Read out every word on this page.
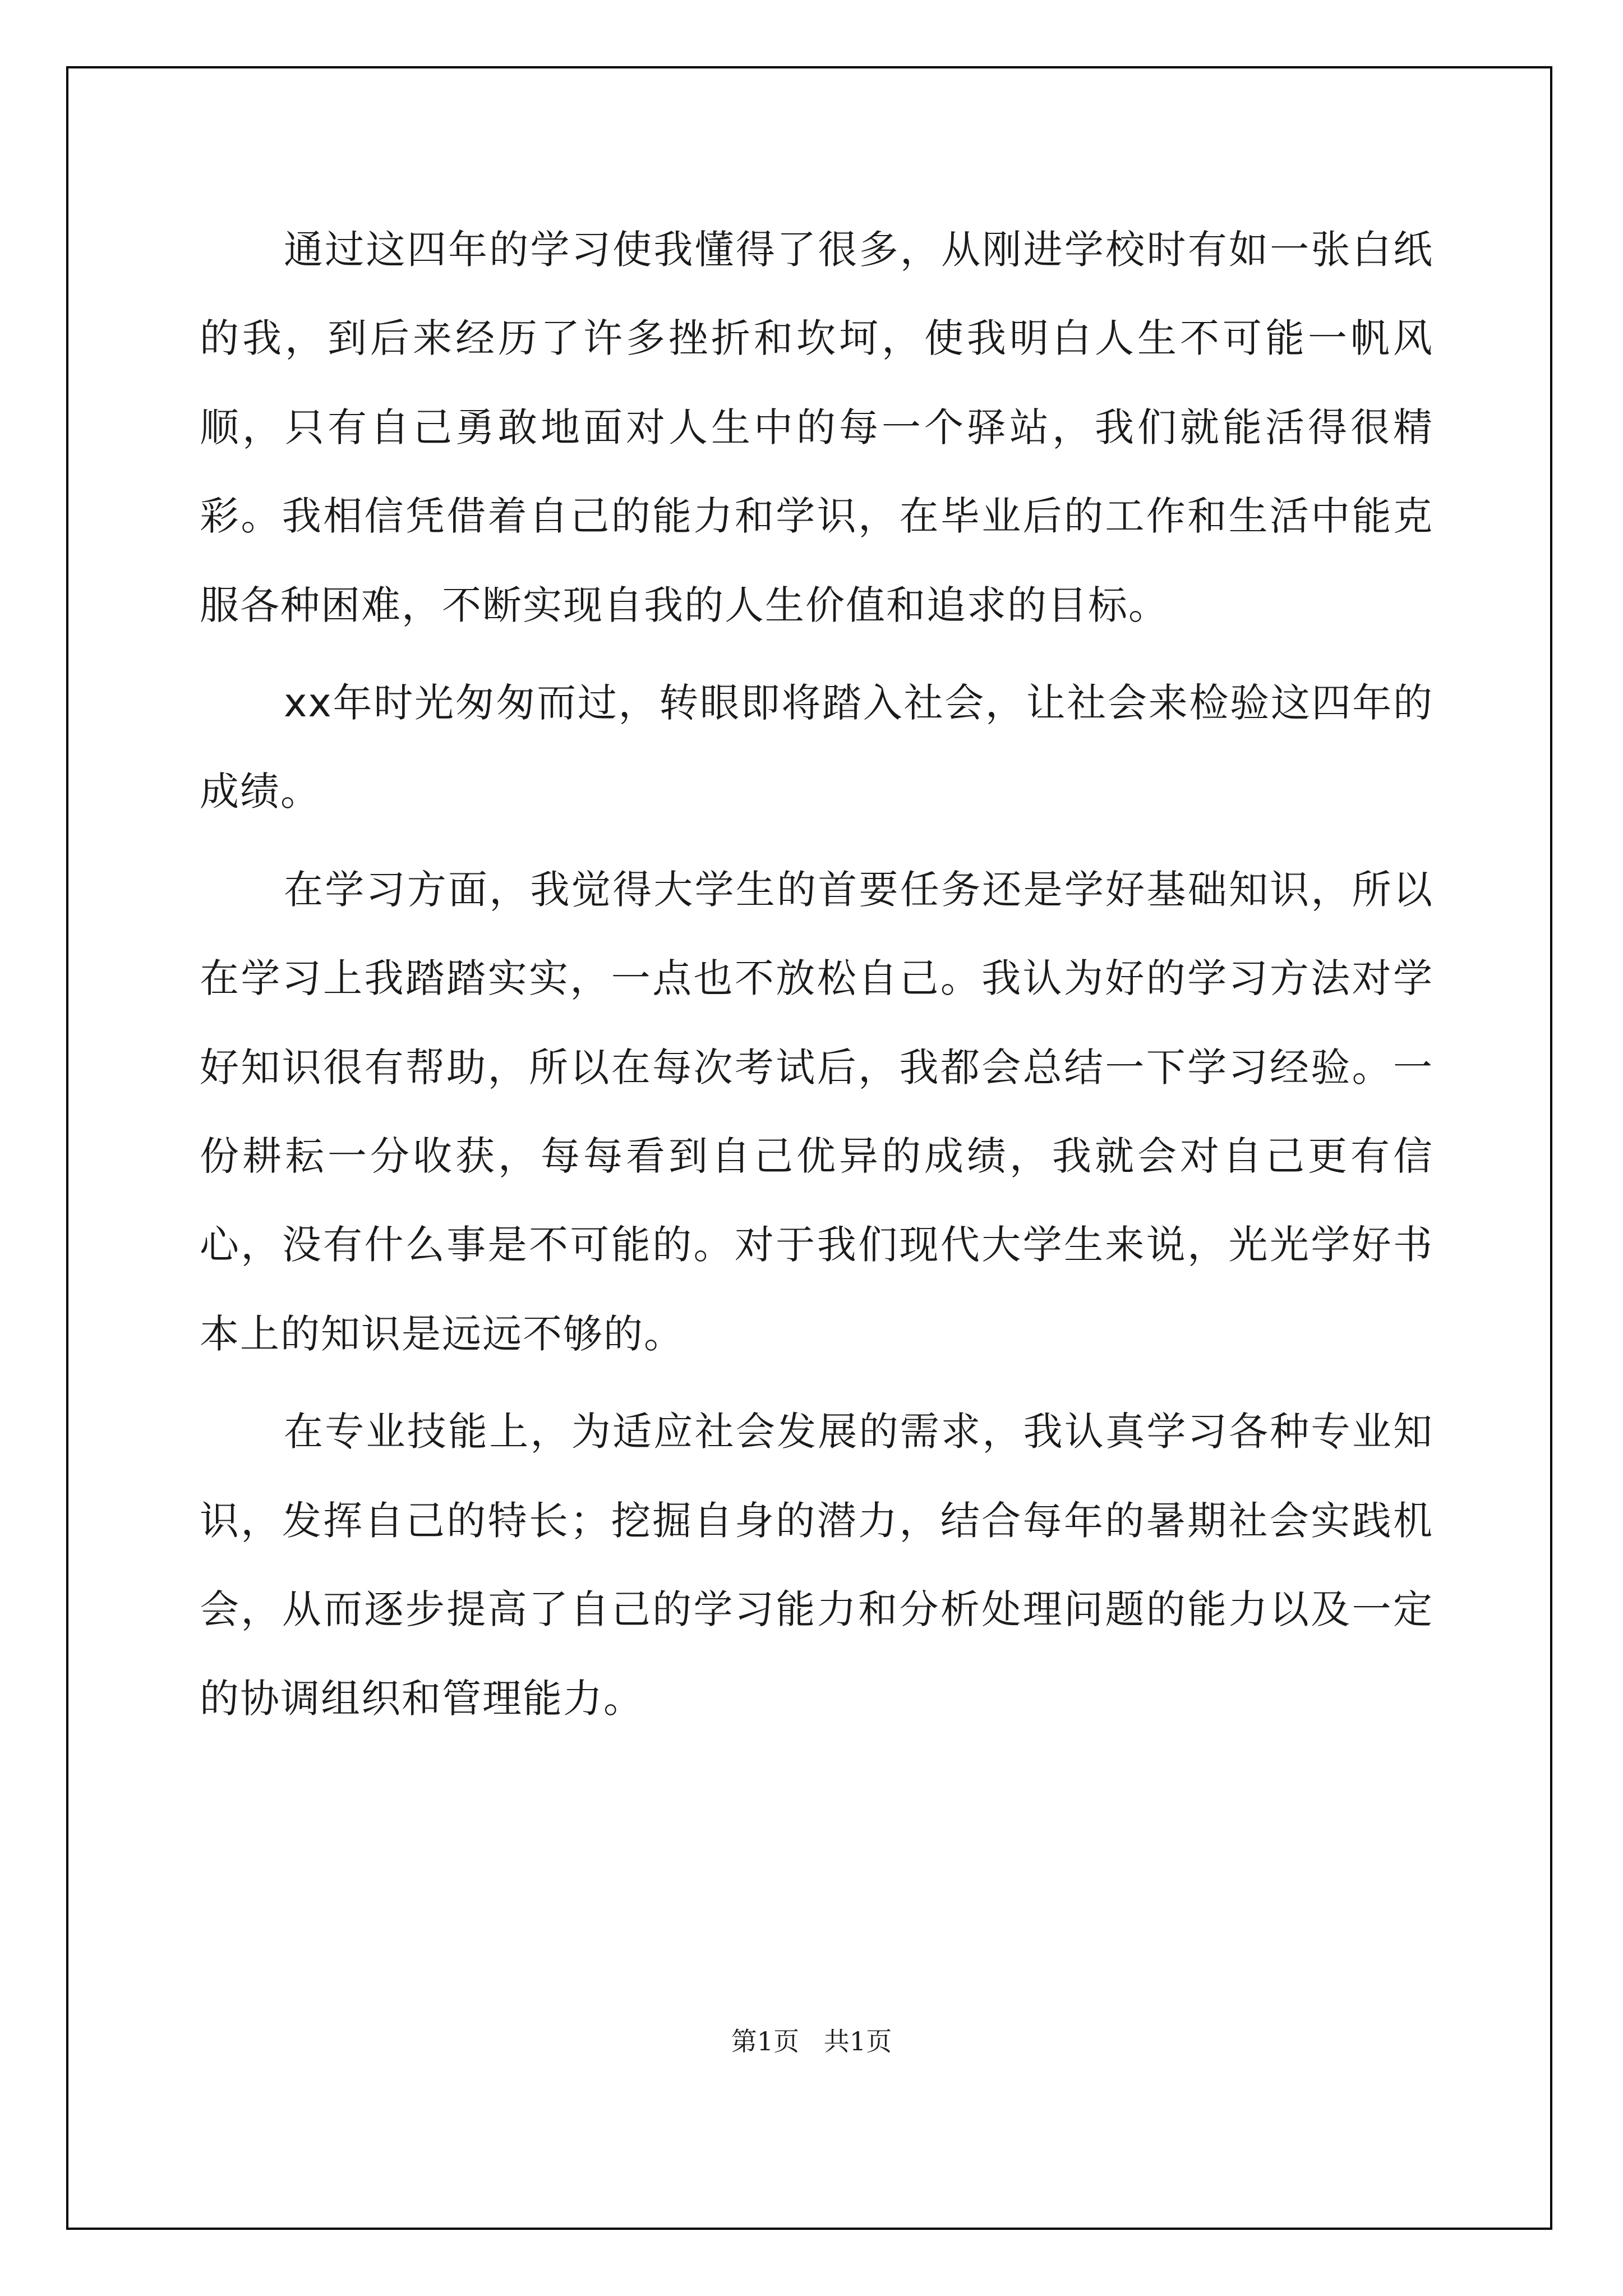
通过这四年的学习使我懂得了很多，从刚进学校时有如一张白纸的我，到后来经历了许多挫折和坎坷，使我明白人生不可能一帆风顺，只有自己勇敢地面对人生中的每一个驿站，我们就能活得很精彩。我相信凭借着自己的能力和学识，在毕业后的工作和生活中能克服各种困难，不断实现自我的人生价值和追求的目标。

xx年时光匆匆而过，转眼即将踏入社会，让社会来检验这四年的成绩。

在学习方面，我觉得大学生的首要任务还是学好基础知识，所以在学习上我踏踏实实，一点也不放松自己。我认为好的学习方法对学好知识很有帮助，所以在每次考试后，我都会总结一下学习经验。一份耕耘一分收获，每每看到自己优异的成绩，我就会对自己更有信心，没有什么事是不可能的。对于我们现代大学生来说，光光学好书本上的知识是远远不够的。

在专业技能上，为适应社会发展的需求，我认真学习各种专业知识，发挥自己的特长；挖掘自身的潜力，结合每年的暑期社会实践机会，从而逐步提高了自己的学习能力和分析处理问题的能力以及一定的协调组织和管理能力。

第1页   共1页
